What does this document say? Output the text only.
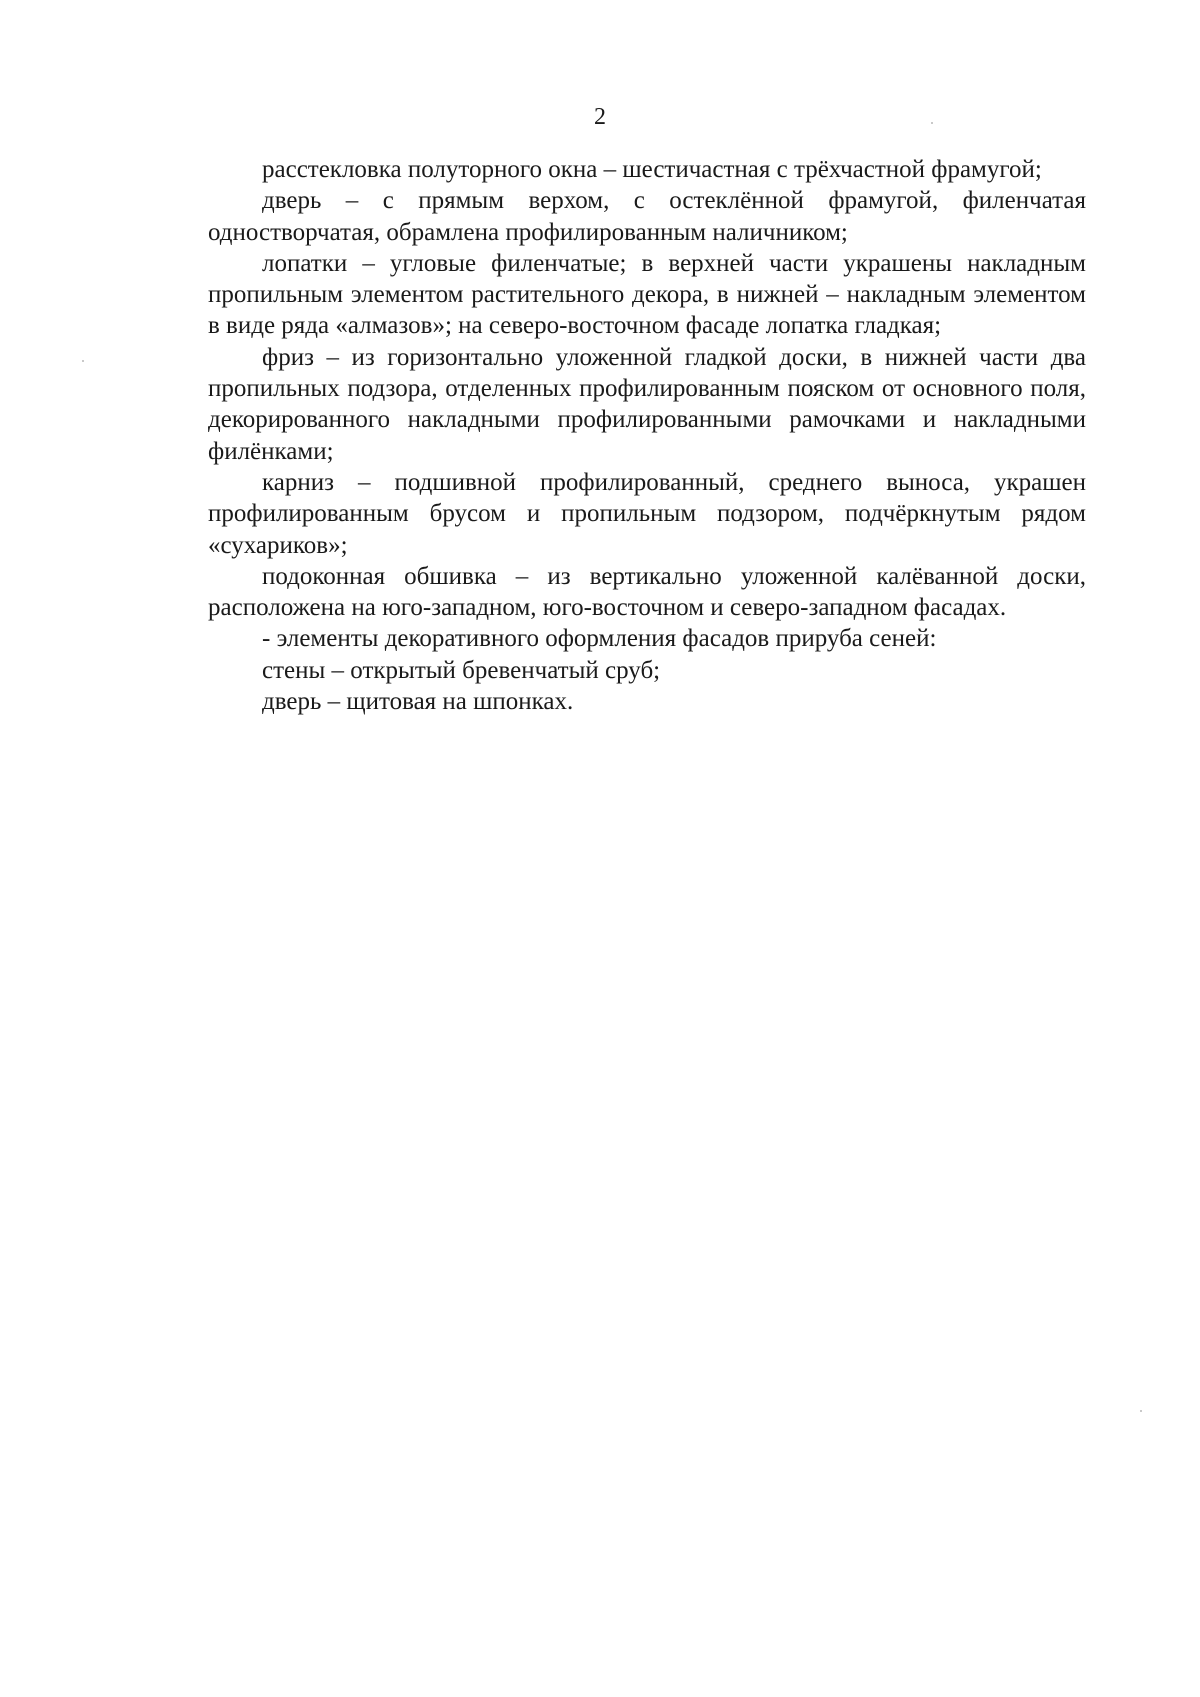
2

расстекловка полуторного окна – шестичастная с трёхчастной фрамугой;

дверь – с прямым верхом, с остеклённой фрамугой, филенчатая одностворчатая, обрамлена профилированным наличником;

лопатки – угловые филенчатые; в верхней части украшены накладным пропильным элементом растительного декора, в нижней – накладным элементом в виде ряда «алмазов»; на северо-восточном фасаде лопатка гладкая;

фриз – из горизонтально уложенной гладкой доски, в нижней части два пропильных подзора, отделенных профилированным пояском от основного поля, декорированного накладными профилированными рамочками и накладными филёнками;

карниз – подшивной профилированный, среднего выноса, украшен профилированным брусом и пропильным подзором, подчёркнутым рядом «сухариков»;

подоконная обшивка – из вертикально уложенной калёванной доски, расположена на юго-западном, юго-восточном и северо-западном фасадах.

- элементы декоративного оформления фасадов прируба сеней:

стены – открытый бревенчатый сруб;

дверь – щитовая на шпонках.
